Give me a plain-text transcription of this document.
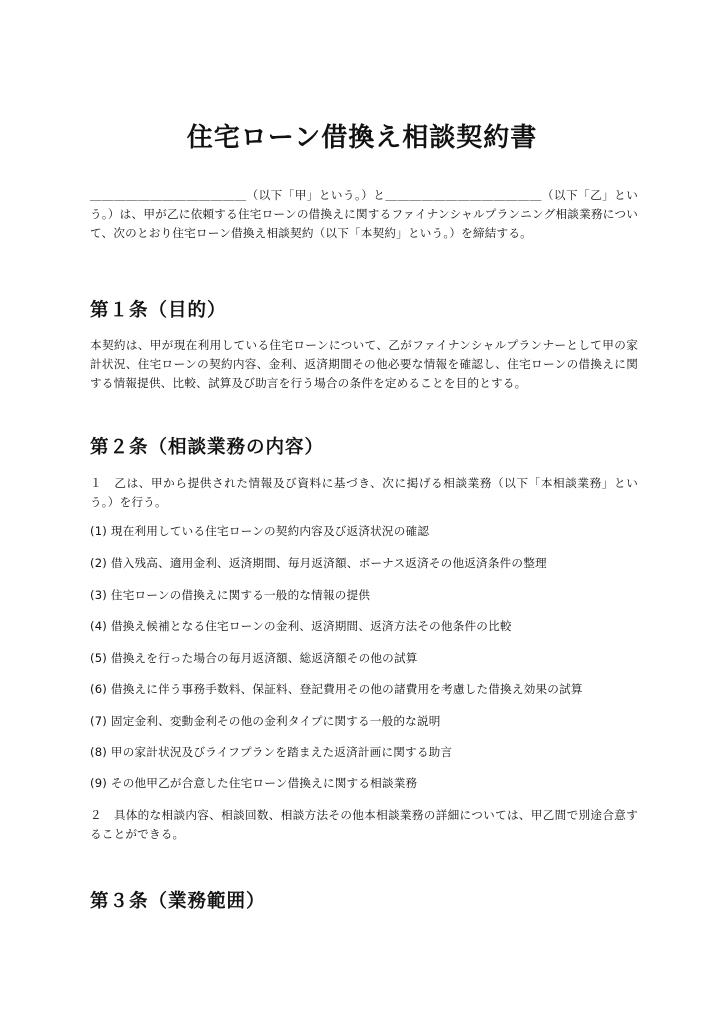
住宅ローン借換え相談契約書

＿＿＿＿＿＿＿＿＿＿＿＿＿（以下「甲」という。）と＿＿＿＿＿＿＿＿＿＿＿＿＿（以下「乙」という。）は、甲が乙に依頼する住宅ローンの借換えに関するファイナンシャルプランニング相談業務について、次のとおり住宅ローン借換え相談契約（以下「本契約」という。）を締結する。

第１条（目的）

本契約は、甲が現在利用している住宅ローンについて、乙がファイナンシャルプランナーとして甲の家計状況、住宅ローンの契約内容、金利、返済期間その他必要な情報を確認し、住宅ローンの借換えに関する情報提供、比較、試算及び助言を行う場合の条件を定めることを目的とする。

第２条（相談業務の内容）

１　乙は、甲から提供された情報及び資料に基づき、次に掲げる相談業務（以下「本相談業務」という。）を行う。

(1) 現在利用している住宅ローンの契約内容及び返済状況の確認

(2) 借入残高、適用金利、返済期間、毎月返済額、ボーナス返済その他返済条件の整理

(3) 住宅ローンの借換えに関する一般的な情報の提供

(4) 借換え候補となる住宅ローンの金利、返済期間、返済方法その他条件の比較

(5) 借換えを行った場合の毎月返済額、総返済額その他の試算

(6) 借換えに伴う事務手数料、保証料、登記費用その他の諸費用を考慮した借換え効果の試算

(7) 固定金利、変動金利その他の金利タイプに関する一般的な説明

(8) 甲の家計状況及びライフプランを踏まえた返済計画に関する助言

(9) その他甲乙が合意した住宅ローン借換えに関する相談業務

２　具体的な相談内容、相談回数、相談方法その他本相談業務の詳細については、甲乙間で別途合意することができる。

第３条（業務範囲）
